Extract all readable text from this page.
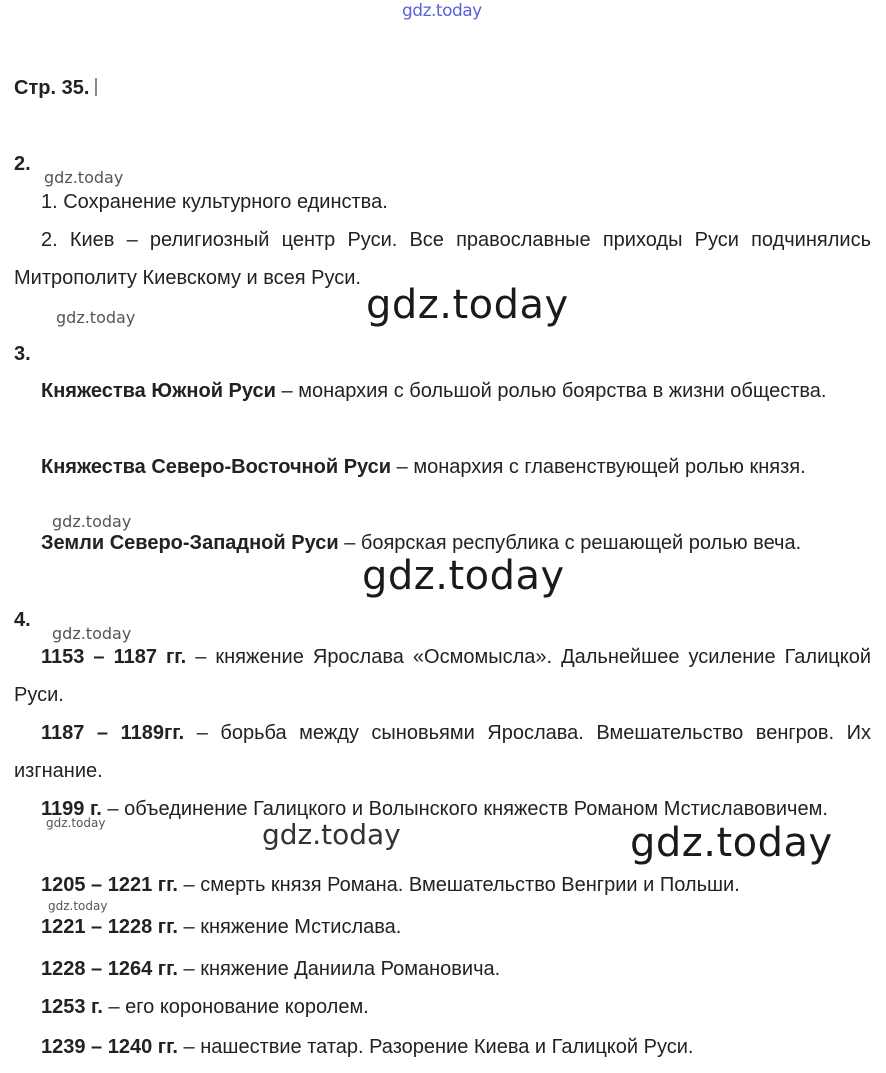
gdz.today
gdz.today
gdz.today	gdz.today
gdz.today
gdz.today
gdz.today
gdz.today	gdz.today	gdz.today
gdz.today
Стр. 35.
2.
1. Сохранение культурного единства.
2. Киев – религиозный центр Руси. Все православные приходы Руси подчинялись Митрополиту Киевскому и всея Руси.
3.
Княжества Южной Руси – монархия с большой ролью боярства в жизни общества.
Княжества Северо-Восточной Руси – монархия с главенствующей ролью князя.
Земли Северо-Западной Руси – боярская республика с решающей ролью веча.
4.
1153 – 1187 гг. – княжение Ярослава «Осмомысла». Дальнейшее усиление Галицкой Руси.
1187 – 1189гг. – борьба между сыновьями Ярослава. Вмешательство венгров. Их изгнание.
1199 г. – объединение Галицкого и Волынского княжеств Романом Мстиславовичем.
1205 – 1221 гг. – смерть князя Романа. Вмешательство Венгрии и Польши.
1221 – 1228 гг. – княжение Мстислава.
1228 – 1264 гг. – княжение Даниила Романовича.
1253 г. – его коронование королем.
1239 – 1240 гг. – нашествие татар. Разорение Киева и Галицкой Руси.
